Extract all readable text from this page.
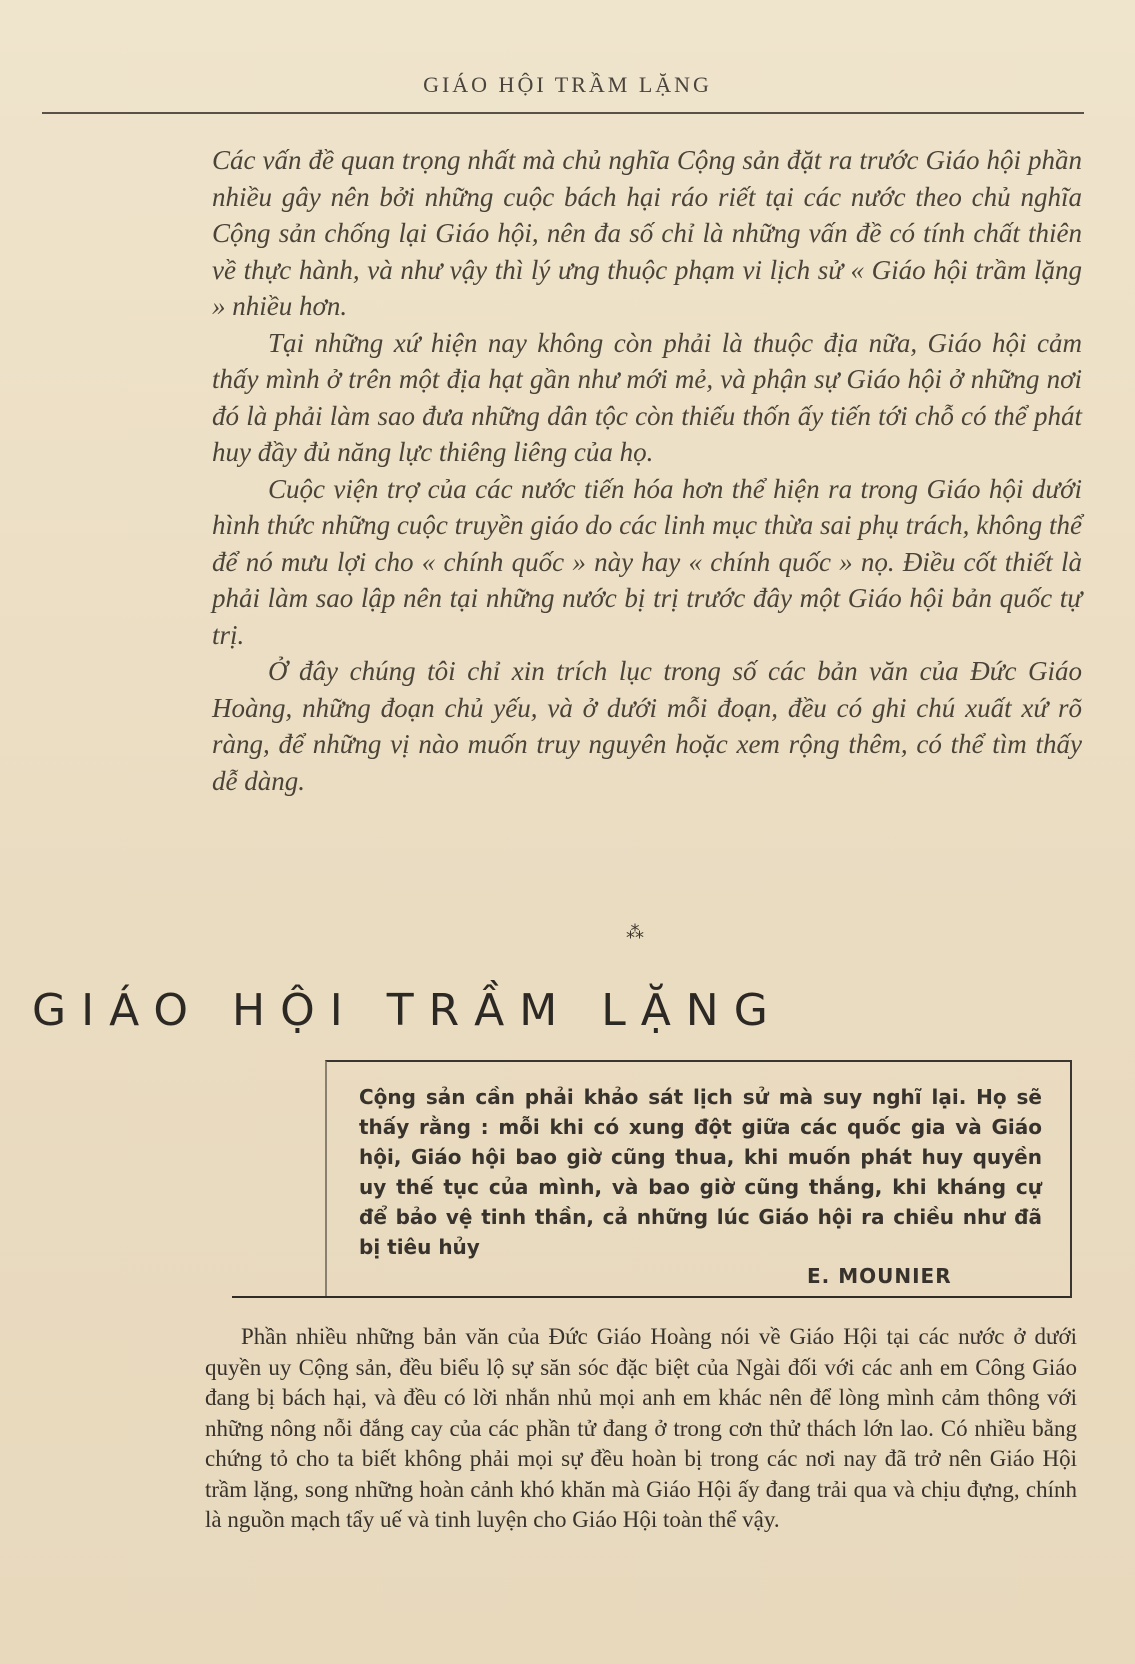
GIÁO HỘI TRẦM LẶNG

Các vấn đề quan trọng nhất mà chủ nghĩa Cộng sản đặt ra trước Giáo hội phần nhiều gây nên bởi những cuộc bách hại ráo riết tại các nước theo chủ nghĩa Cộng sản chống lại Giáo hội, nên đa số chỉ là những vấn đề có tính chất thiên về thực hành, và như vậy thì lý ưng thuộc phạm vi lịch sử « Giáo hội trầm lặng » nhiều hơn.

Tại những xứ hiện nay không còn phải là thuộc địa nữa, Giáo hội cảm thấy mình ở trên một địa hạt gần như mới mẻ, và phận sự Giáo hội ở những nơi đó là phải làm sao đưa những dân tộc còn thiếu thốn ấy tiến tới chỗ có thể phát huy đầy đủ năng lực thiêng liêng của họ.

Cuộc viện trợ của các nước tiến hóa hơn thể hiện ra trong Giáo hội dưới hình thức những cuộc truyền giáo do các linh mục thừa sai phụ trách, không thể để nó mưu lợi cho « chính quốc » này hay « chính quốc » nọ. Điều cốt thiết là phải làm sao lập nên tại những nước bị trị trước đây một Giáo hội bản quốc tự trị.

Ở đây chúng tôi chỉ xin trích lục trong số các bản văn của Đức Giáo Hoàng, những đoạn chủ yếu, và ở dưới mỗi đoạn, đều có ghi chú xuất xứ rõ ràng, để những vị nào muốn truy nguyên hoặc xem rộng thêm, có thể tìm thấy dễ dàng.

⁂
GIÁO HỘI TRẦM LẶNG
Cộng sản cần phải khảo sát lịch sử mà suy nghĩ lại. Họ sẽ thấy rằng : mỗi khi có xung đột giữa các quốc gia và Giáo hội, Giáo hội bao giờ cũng thua, khi muốn phát huy quyền uy thế tục của mình, và bao giờ cũng thắng, khi kháng cự để bảo vệ tinh thần, cả những lúc Giáo hội ra chiều như đã bị tiêu hủy
E. MOUNIER

Phần nhiều những bản văn của Đức Giáo Hoàng nói về Giáo Hội tại các nước ở dưới quyền uy Cộng sản, đều biểu lộ sự săn sóc đặc biệt của Ngài đối với các anh em Công Giáo đang bị bách hại, và đều có lời nhắn nhủ mọi anh em khác nên để lòng mình cảm thông với những nông nỗi đắng cay của các phần tử đang ở trong cơn thử thách lớn lao. Có nhiều bằng chứng tỏ cho ta biết không phải mọi sự đều hoàn bị trong các nơi nay đã trở nên Giáo Hội trầm lặng, song những hoàn cảnh khó khăn mà Giáo Hội ấy đang trải qua và chịu đựng, chính là nguồn mạch tẩy uế và tinh luyện cho Giáo Hội toàn thể vậy.
